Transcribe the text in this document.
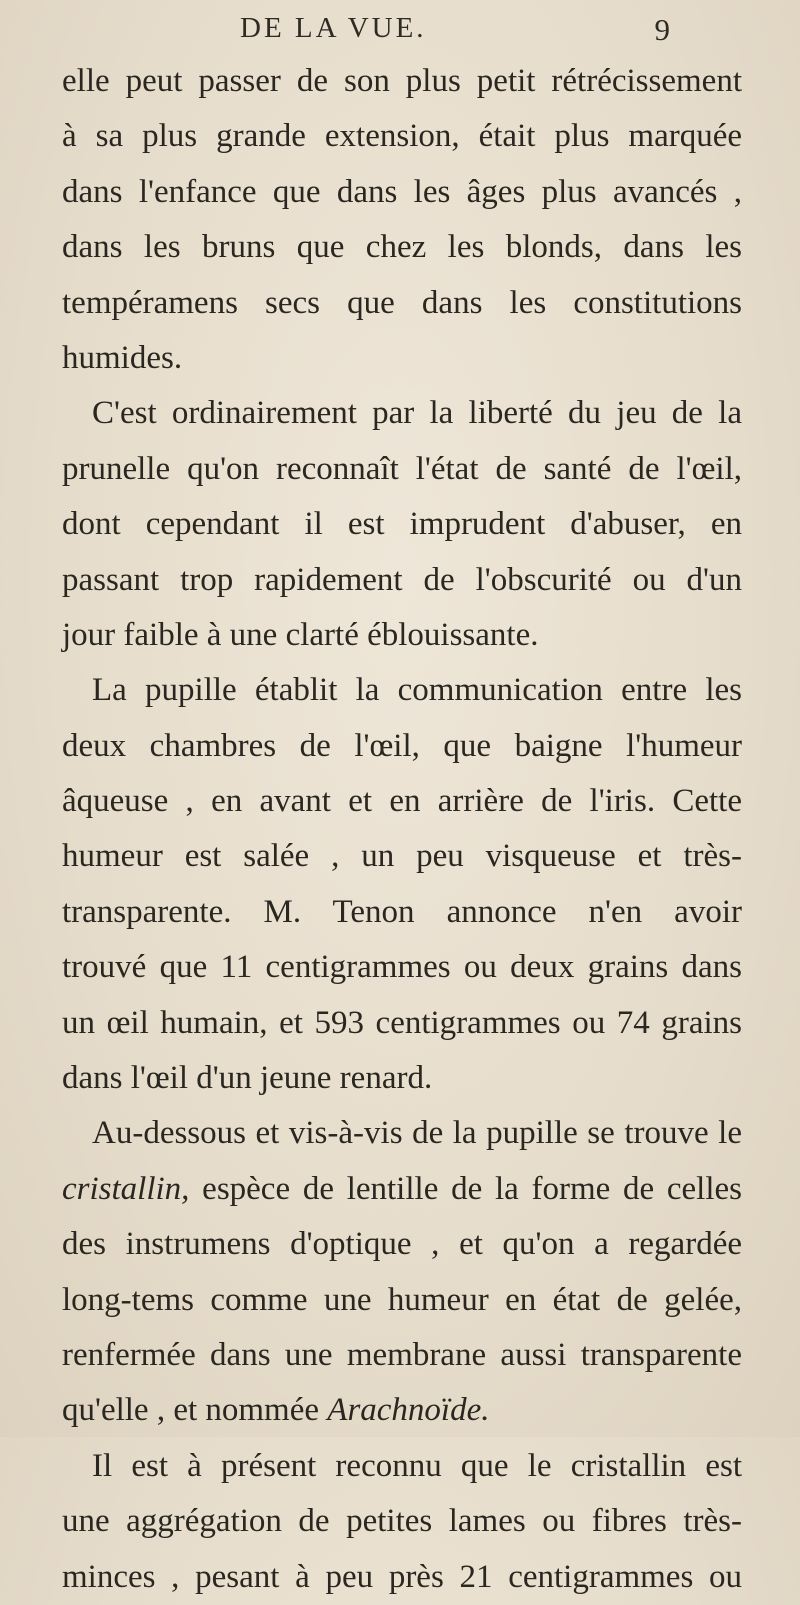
DE LA VUE.	9
elle peut passer de son plus petit rétrécissement
à sa plus grande extension, était plus marquée
dans l'enfance que dans les âges plus avancés ,
dans les bruns que chez les blonds, dans les
tempéramens secs que dans les constitutions
humides.
C'est ordinairement par la liberté du jeu de la
prunelle qu'on reconnaît l'état de santé de l'œil,
dont cependant il est imprudent d'abuser, en
passant trop rapidement de l'obscurité ou d'un
jour faible à une clarté éblouissante.
La pupille établit la communication entre les
deux chambres de l'œil, que baigne l'humeur
âqueuse , en avant et en arrière de l'iris. Cette
humeur est salée , un peu visqueuse et très-
transparente. M. Tenon annonce n'en avoir
trouvé que 11 centigrammes ou deux grains dans
un œil humain, et 593 centigrammes ou 74 grains
dans l'œil d'un jeune renard.
Au-dessous et vis-à-vis de la pupille se trouve le
cristallin, espèce de lentille de la forme de celles
des instrumens d'optique , et qu'on a regardée
long-tems comme une humeur en état de gelée,
renfermée dans une membrane aussi transparente
qu'elle , et nommée Arachnoïde.
Il est à présent reconnu que le cristallin est
une aggrégation de petites lames ou fibres très-
minces , pesant à peu près 21 centigrammes ou
